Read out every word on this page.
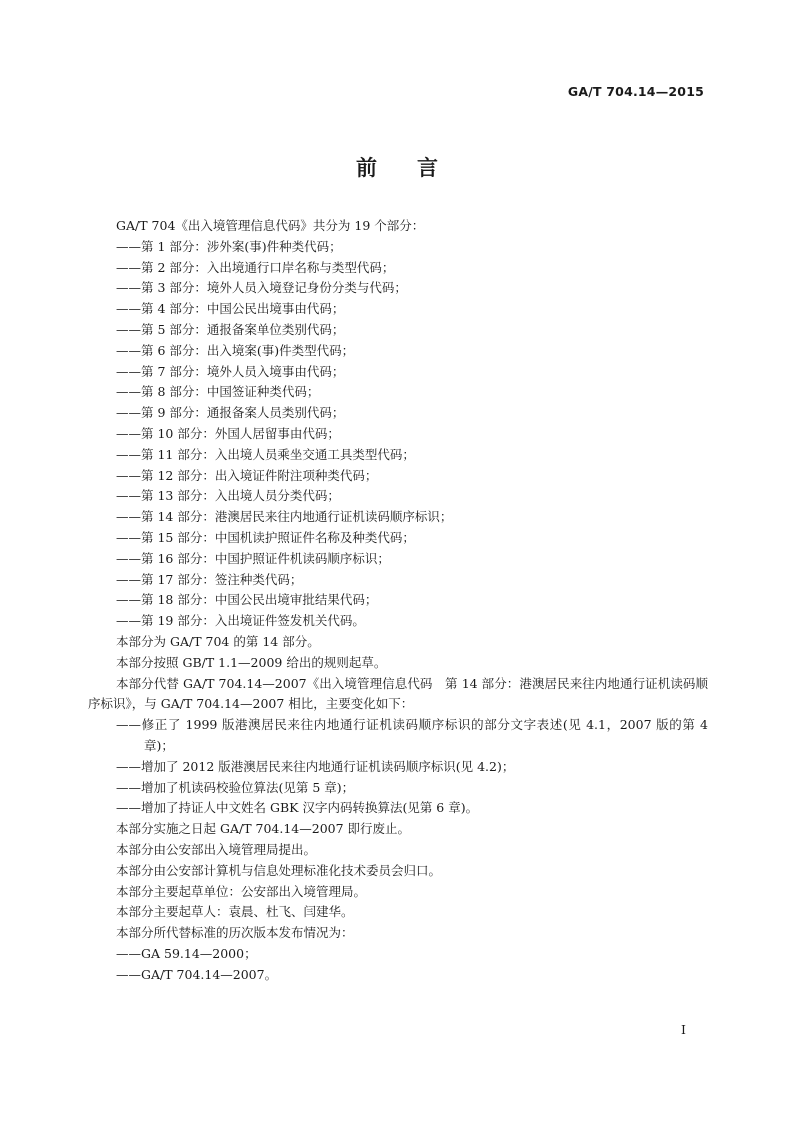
GA/T 704.14—2015
前言
GA/T 704《出入境管理信息代码》共分为 19 个部分：
——第 1 部分：涉外案(事)件种类代码；
——第 2 部分：入出境通行口岸名称与类型代码；
——第 3 部分：境外人员入境登记身份分类与代码；
——第 4 部分：中国公民出境事由代码；
——第 5 部分：通报备案单位类别代码；
——第 6 部分：出入境案(事)件类型代码；
——第 7 部分：境外人员入境事由代码；
——第 8 部分：中国签证种类代码；
——第 9 部分：通报备案人员类别代码；
——第 10 部分：外国人居留事由代码；
——第 11 部分：入出境人员乘坐交通工具类型代码；
——第 12 部分：出入境证件附注项种类代码；
——第 13 部分：入出境人员分类代码；
——第 14 部分：港澳居民来往内地通行证机读码顺序标识；
——第 15 部分：中国机读护照证件名称及种类代码；
——第 16 部分：中国护照证件机读码顺序标识；
——第 17 部分：签注种类代码；
——第 18 部分：中国公民出境审批结果代码；
——第 19 部分：入出境证件签发机关代码。
本部分为 GA/T 704 的第 14 部分。
本部分按照 GB/T 1.1—2009 给出的规则起草。
本部分代替 GA/T 704.14—2007《出入境管理信息代码　第 14 部分：港澳居民来往内地通行证机读码顺序标识》，与 GA/T 704.14—2007 相比，主要变化如下：
——修正了 1999 版港澳居民来往内地通行证机读码顺序标识的部分文字表述(见 4.1，2007 版的第 4 章)；
——增加了 2012 版港澳居民来往内地通行证机读码顺序标识(见 4.2)；
——增加了机读码校验位算法(见第 5 章)；
——增加了持证人中文姓名 GBK 汉字内码转换算法(见第 6 章)。
本部分实施之日起 GA/T 704.14—2007 即行废止。
本部分由公安部出入境管理局提出。
本部分由公安部计算机与信息处理标准化技术委员会归口。
本部分主要起草单位：公安部出入境管理局。
本部分主要起草人：袁晨、杜飞、闫建华。
本部分所代替标准的历次版本发布情况为：
——GA 59.14—2000；
——GA/T 704.14—2007。
I
